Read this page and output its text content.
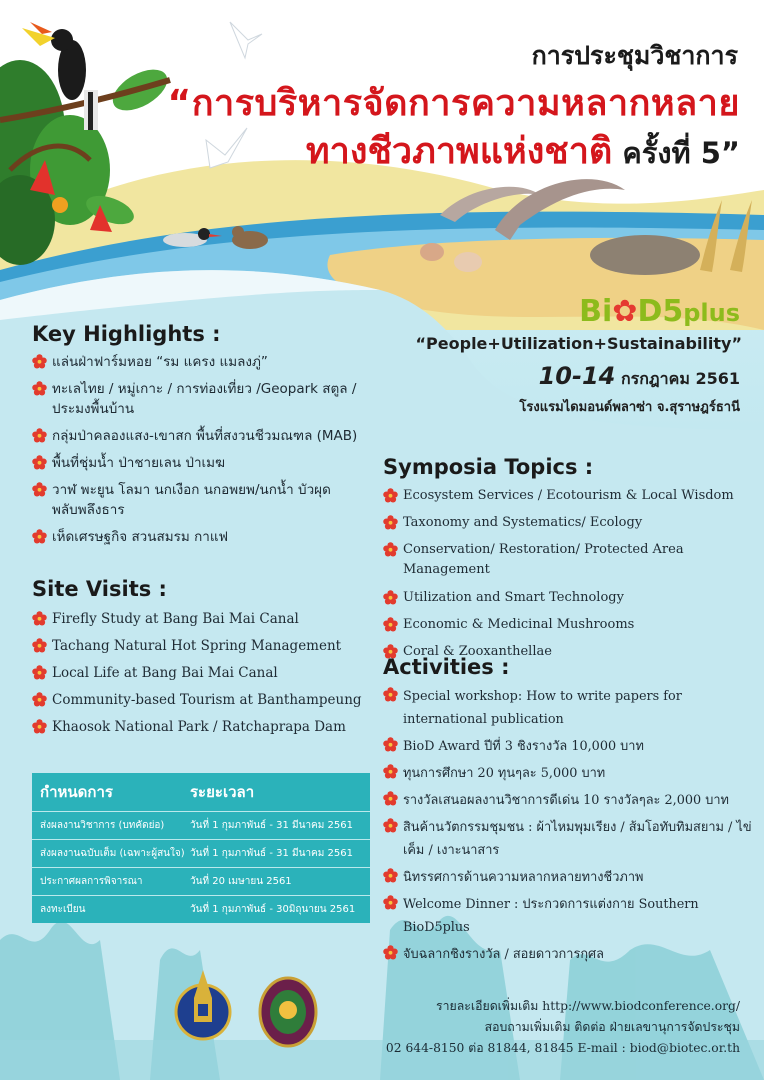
การประชุมวิชาการ
“การบริหารจัดการความหลากหลาย
ทางชีวภาพแห่งชาติ ครั้งที่ 5”
Bi✿D5plus
“People+Utilization+Sustainability”
10-14 กรกฎาคม 2561
โรงแรมไดมอนด์พลาซ่า จ.สุราษฎร์ธานี
Key Highlights :
แล่นฝ่าฟาร์มหอย “รม แครง แมลงภู่”
ทะเลไทย / หมู่เกาะ / การท่องเที่ยว /Geopark สตูล / ประมงพื้นบ้าน
กลุ่มป่าคลองแสง-เขาสก พื้นที่สงวนชีวมณฑล (MAB)
พื้นที่ชุ่มน้ำ ป่าชายเลน ป่าเมฆ
วาฬ พะยูน โลมา นกเงือก นกอพยพ/นกน้ำ บัวผุด พลับพลึงธาร
เห็ดเศรษฐกิจ สวนสมรม กาแฟ
Site Visits :
Firefly Study at Bang Bai Mai Canal
Tachang Natural Hot Spring Management
Local Life at Bang Bai Mai Canal
Community-based Tourism at Banthampeung
Khaosok National Park / Ratchaprapa Dam
Symposia Topics :
Ecosystem Services / Ecotourism & Local Wisdom
Taxonomy and Systematics/ Ecology
Conservation/ Restoration/ Protected Area Management
Utilization and Smart Technology
Economic & Medicinal Mushrooms
Coral & Zooxanthellae
Activities :
Special workshop: How to write papers for international publication
BioD Award ปีที่ 3 ชิงรางวัล 10,000 บาท
ทุนการศึกษา 20 ทุนๆละ 5,000 บาท
รางวัลเสนอผลงานวิชาการดีเด่น 10 รางวัลๆละ 2,000 บาท
สินค้านวัตกรรมชุมชน : ผ้าไหมพุมเรียง / ส้มโอทับทิมสยาม / ไข่เค็ม / เงาะนาสาร
นิทรรศการด้านความหลากหลายทางชีวภาพ
Welcome Dinner : ประกวดการแต่งกาย Southern BioD5plus
จับฉลากชิงรางวัล / สอยดาวการกุศล
กำหนดการ	ระยะเวลา
ส่งผลงานวิชาการ (บทคัดย่อ)	วันที่ 1 กุมภาพันธ์ - 31 มีนาคม 2561
ส่งผลงานฉบับเต็ม (เฉพาะผู้สนใจ)	วันที่ 1 กุมภาพันธ์ - 31 มีนาคม 2561
ประกาศผลการพิจารณา	วันที่ 20 เมษายน 2561
ลงทะเบียน	วันที่ 1 กุมภาพันธ์ - 30มิถุนายน 2561
รายละเอียดเพิ่มเติม http://www.biodconference.org/
สอบถามเพิ่มเติม ติดต่อ ฝ่ายเลขานุการจัดประชุม
02 644-8150 ต่อ 81844, 81845 E-mail : biod@biotec.or.th
